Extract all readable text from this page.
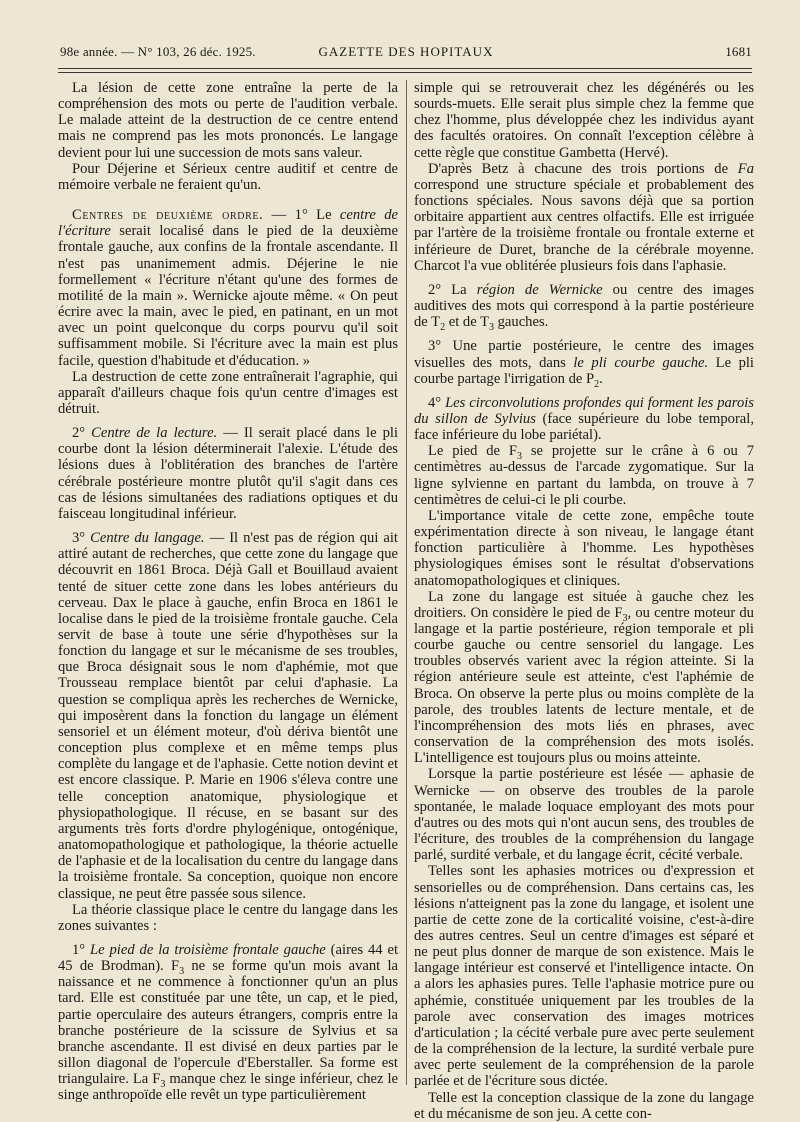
98e année. — N° 103, 26 déc. 1925.	GAZETTE DES HOPITAUX	1681

La lésion de cette zone entraîne la perte de la compréhension des mots ou perte de l'audition verbale. Le malade atteint de la destruction de ce centre entend mais ne comprend pas les mots prononcés. Le langage devient pour lui une succession de mots sans valeur.

Pour Déjerine et Sérieux centre auditif et centre de mémoire verbale ne feraient qu'un.

Centres de deuxième ordre. — 1° Le centre de l'écriture serait localisé dans le pied de la deuxième frontale gauche, aux confins de la frontale ascendante. Il n'est pas unanimement admis. Déjerine le nie formellement « l'écriture n'étant qu'une des formes de motilité de la main ». Wernicke ajoute même. « On peut écrire avec la main, avec le pied, en patinant, en un mot avec un point quelconque du corps pourvu qu'il soit suffisamment mobile. Si l'écriture avec la main est plus facile, question d'habitude et d'éducation. »

La destruction de cette zone entraînerait l'agraphie, qui apparaît d'ailleurs chaque fois qu'un centre d'images est détruit.

2° Centre de la lecture. — Il serait placé dans le pli courbe dont la lésion déterminerait l'alexie. L'étude des lésions dues à l'oblitération des branches de l'artère cérébrale postérieure montre plutôt qu'il s'agit dans ces cas de lésions simultanées des radiations optiques et du faisceau longitudinal inférieur.

3° Centre du langage. — Il n'est pas de région qui ait attiré autant de recherches, que cette zone du langage que découvrit en 1861 Broca. Déjà Gall et Bouillaud avaient tenté de situer cette zone dans les lobes antérieurs du cerveau. Dax le place à gauche, enfin Broca en 1861 le localise dans le pied de la troisième frontale gauche. Cela servit de base à toute une série d'hypothèses sur la fonction du langage et sur le mécanisme de ses troubles, que Broca désignait sous le nom d'aphémie, mot que Trousseau remplace bientôt par celui d'aphasie. La question se compliqua après les recherches de Wernicke, qui imposèrent dans la fonction du langage un élément sensoriel et un élément moteur, d'où dériva bientôt une conception plus complexe et en même temps plus complète du langage et de l'aphasie. Cette notion devint et est encore classique. P. Marie en 1906 s'éleva contre une telle conception anatomique, physiologique et physiopathologique. Il récuse, en se basant sur des arguments très forts d'ordre phylogénique, ontogénique, anatomopathologique et pathologique, la théorie actuelle de l'aphasie et de la localisation du centre du langage dans la troisième frontale. Sa conception, quoique non encore classique, ne peut être passée sous silence.

La théorie classique place le centre du langage dans les zones suivantes :

1° Le pied de la troisième frontale gauche (aires 44 et 45 de Brodman). $F_3$ ne se forme qu'un mois avant la naissance et ne commence à fonctionner qu'un an plus tard. Elle est constituée par une tête, un cap, et le pied, partie operculaire des auteurs étrangers, compris entre la branche postérieure de la scissure de Sylvius et sa branche ascendante. Il est divisé en deux parties par le sillon diagonal de l'opercule d'Eberstaller. Sa forme est triangulaire. La $F_3$ manque chez le singe inférieur, chez le singe anthropoïde elle revêt un type particulièrement

simple qui se retrouverait chez les dégénérés ou les sourds-muets. Elle serait plus simple chez la femme que chez l'homme, plus développée chez les individus ayant des facultés oratoires. On connaît l'exception célèbre à cette règle que constitue Gambetta (Hervé).

D'après Betz à chacune des trois portions de Fa correspond une structure spéciale et probablement des fonctions spéciales. Nous savons déjà que sa portion orbitaire appartient aux centres olfactifs. Elle est irriguée par l'artère de la troisième frontale ou frontale externe et inférieure de Duret, branche de la cérébrale moyenne. Charcot l'a vue oblitérée plusieurs fois dans l'aphasie.

2° La région de Wernicke ou centre des images auditives des mots qui correspond à la partie postérieure de $T_2$ et de $T_3$ gauches.

3° Une partie postérieure, le centre des images visuelles des mots, dans le pli courbe gauche. Le pli courbe partage l'irrigation de $P_2$.

4° Les circonvolutions profondes qui forment les parois du sillon de Sylvius (face supérieure du lobe temporal, face inférieure du lobe pariétal).

Le pied de $F_3$ se projette sur le crâne à 6 ou 7 centimètres au-dessus de l'arcade zygomatique. Sur la ligne sylvienne en partant du lambda, on trouve à 7 centimètres de celui-ci le pli courbe.

L'importance vitale de cette zone, empêche toute expérimentation directe à son niveau, le langage étant fonction particulière à l'homme. Les hypothèses physiologiques émises sont le résultat d'observations anatomopathologiques et cliniques.

La zone du langage est située à gauche chez les droitiers. On considère le pied de $F_3$, ou centre moteur du langage et la partie postérieure, région temporale et pli courbe gauche ou centre sensoriel du langage. Les troubles observés varient avec la région atteinte. Si la région antérieure seule est atteinte, c'est l'aphémie de Broca. On observe la perte plus ou moins complète de la parole, des troubles latents de lecture mentale, et de l'incompréhension des mots liés en phrases, avec conservation de la compréhension des mots isolés. L'intelligence est toujours plus ou moins atteinte.

Lorsque la partie postérieure est lésée — aphasie de Wernicke — on observe des troubles de la parole spontanée, le malade loquace employant des mots pour d'autres ou des mots qui n'ont aucun sens, des troubles de l'écriture, des troubles de la compréhension du langage parlé, surdité verbale, et du langage écrit, cécité verbale.

Telles sont les aphasies motrices ou d'expression et sensorielles ou de compréhension. Dans certains cas, les lésions n'atteignent pas la zone du langage, et isolent une partie de cette zone de la corticalité voisine, c'est-à-dire des autres centres. Seul un centre d'images est séparé et ne peut plus donner de marque de son existence. Mais le langage intérieur est conservé et l'intelligence intacte. On a alors les aphasies pures. Telle l'aphasie motrice pure ou aphémie, constituée uniquement par les troubles de la parole avec conservation des images motrices d'articulation ; la cécité verbale pure avec perte seulement de la compréhension de la lecture, la surdité verbale pure avec perte seulement de la compréhension de la parole parlée et de l'écriture sous dictée.

Telle est la conception classique de la zone du langage et du mécanisme de son jeu. A cette con-
